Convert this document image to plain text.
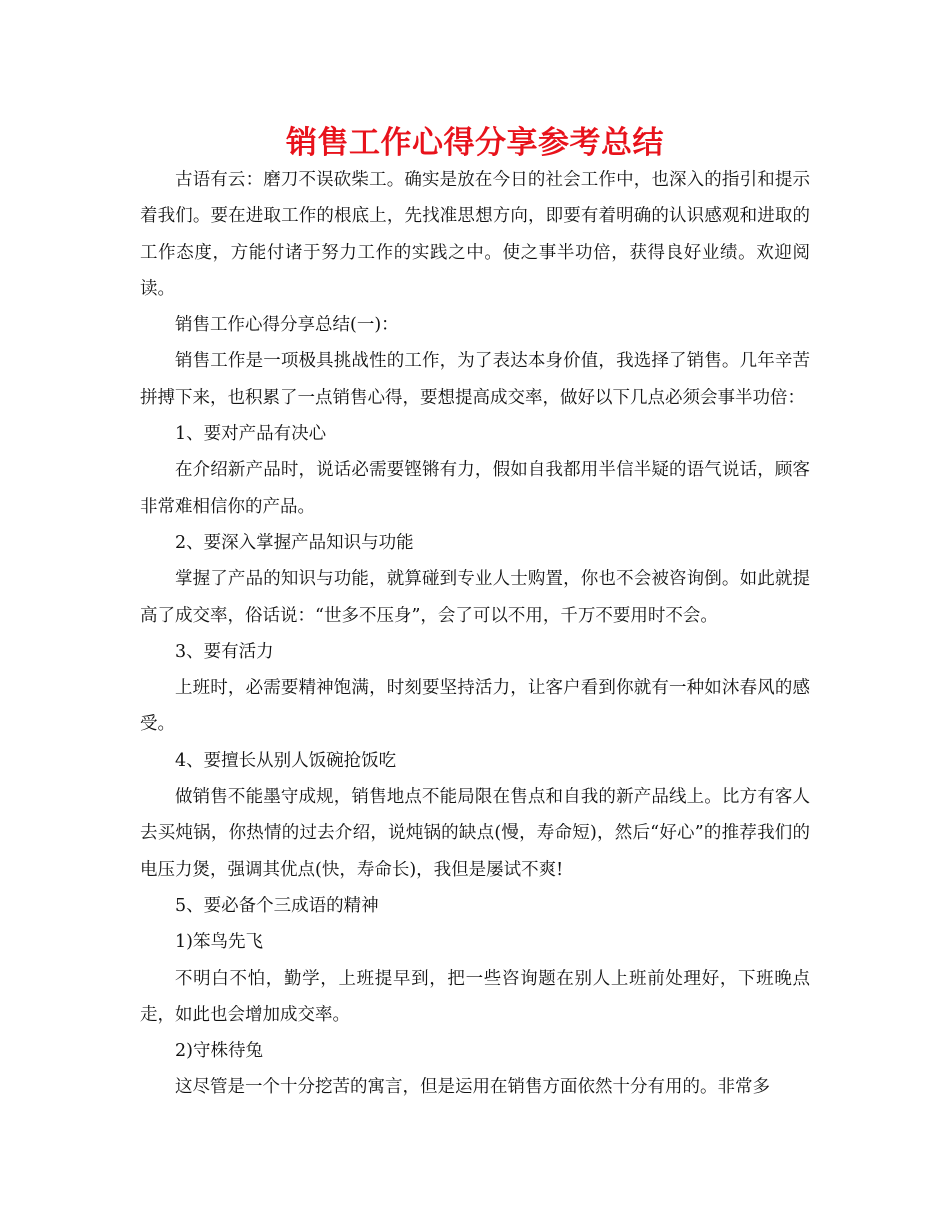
销售工作心得分享参考总结

古语有云：磨刀不误砍柴工。确实是放在今日的社会工作中，也深入的指引和提示着我们。要在进取工作的根底上，先找准思想方向，即要有着明确的认识感观和进取的工作态度，方能付诸于努力工作的实践之中。使之事半功倍，获得良好业绩。欢迎阅读。

销售工作心得分享总结(一)：

销售工作是一项极具挑战性的工作，为了表达本身价值，我选择了销售。几年辛苦拼搏下来，也积累了一点销售心得，要想提高成交率，做好以下几点必须会事半功倍：

1、要对产品有决心

在介绍新产品时，说话必需要铿锵有力，假如自我都用半信半疑的语气说话，顾客非常难相信你的产品。

2、要深入掌握产品知识与功能

掌握了产品的知识与功能，就算碰到专业人士购置，你也不会被咨询倒。如此就提高了成交率，俗话说：“世多不压身”，会了可以不用，千万不要用时不会。

3、要有活力

上班时，必需要精神饱满，时刻要坚持活力，让客户看到你就有一种如沐春风的感受。

4、要擅长从别人饭碗抢饭吃

做销售不能墨守成规，销售地点不能局限在售点和自我的新产品线上。比方有客人去买炖锅，你热情的过去介绍，说炖锅的缺点(慢，寿命短)，然后“好心”的推荐我们的电压力煲，强调其优点(快，寿命长)，我但是屡试不爽!

5、要必备个三成语的精神

1)笨鸟先飞

不明白不怕，勤学，上班提早到，把一些咨询题在别人上班前处理好，下班晚点走，如此也会增加成交率。

2)守株待兔

这尽管是一个十分挖苦的寓言，但是运用在销售方面依然十分有用的。非常多
